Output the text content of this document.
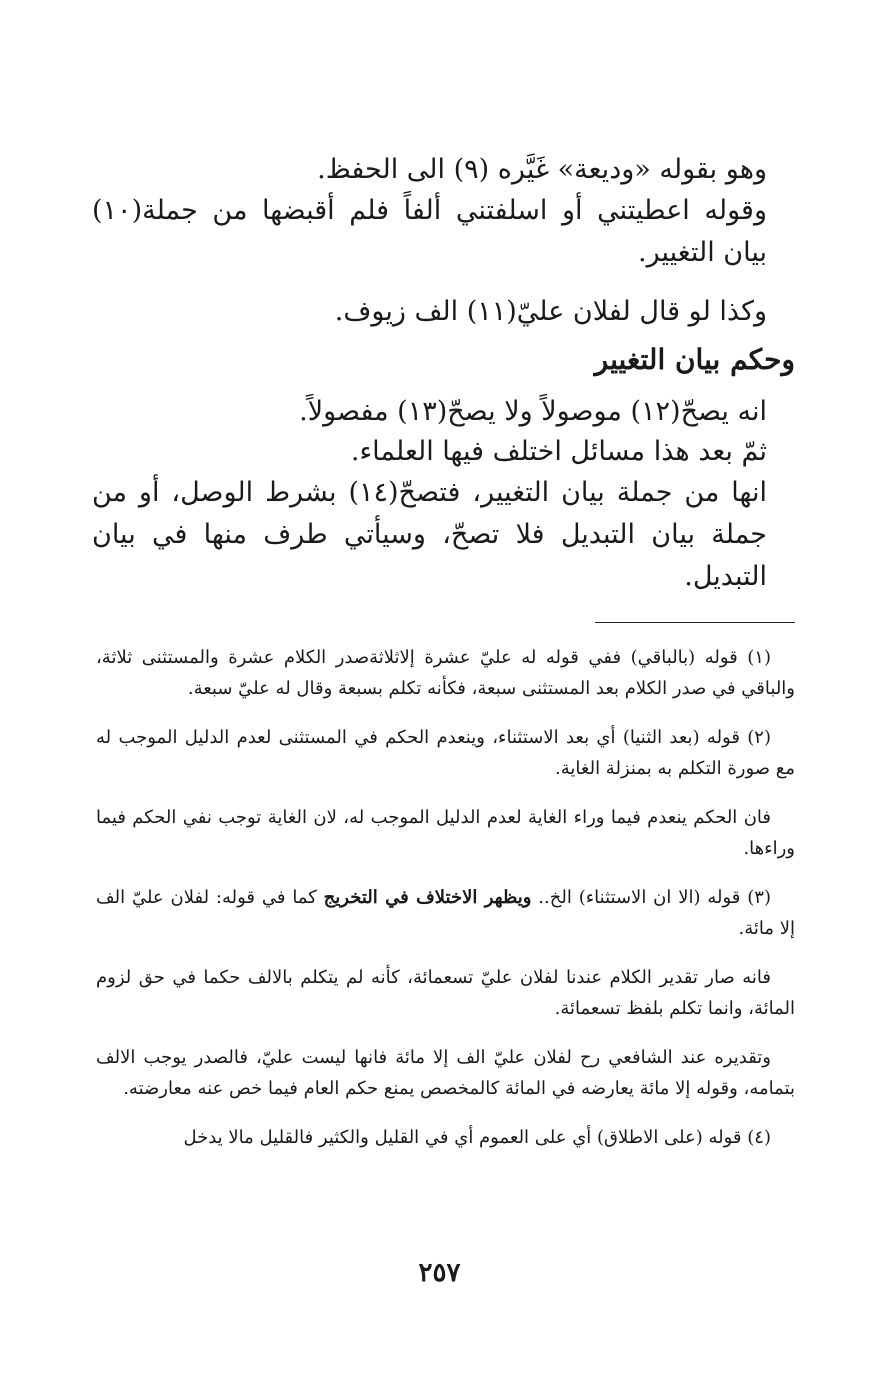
وهو بقوله «وديعة» غَيَّره (٩) الى الحفظ.

وقوله اعطيتني أو اسلفتني ألفاً فلم أقبضها من جملة(١٠) بيان التغيير.

وكذا لو قال لفلان عليّ(١١) الف زيوف.

وحكم بيان التغيير

انه يصحّ(١٢) موصولاً ولا يصحّ(١٣) مفصولاً.

ثمّ بعد هذا مسائل اختلف فيها العلماء.

انها من جملة بيان التغيير، فتصحّ(١٤) بشرط الوصل، أو من جملة بيان التبديل فلا تصحّ، وسيأتي طرف منها في بيان التبديل.

(١) قوله (بالباقي) ففي قوله له عليّ عشرة إلاثلاثةصدر الكلام عشرة والمستثنى ثلاثة، والباقي في صدر الكلام بعد المستثنى سبعة، فكأنه تكلم بسبعة وقال له عليّ سبعة.

(٢) قوله (بعد الثنيا) أي بعد الاستثناء، وينعدم الحكم في المستثنى لعدم الدليل الموجب له مع صورة التكلم به بمنزلة الغاية.

فان الحكم ينعدم فيما وراء الغاية لعدم الدليل الموجب له، لان الغاية توجب نفي الحكم فيما وراءها.

(٣) قوله (الا ان الاستثناء) الخ.. ويظهر الاختلاف في التخريج كما في قوله: لفلان عليّ الف إلا مائة.

فانه صار تقدير الكلام عندنا لفلان عليّ تسعمائة، كأنه لم يتكلم بالالف حكما في حق لزوم المائة، وانما تكلم بلفظ تسعمائة.

وتقديره عند الشافعي رح لفلان عليّ الف إلا مائة فانها ليست عليّ، فالصدر يوجب الالف بتمامه، وقوله إلا مائة يعارضه في المائة كالمخصص يمنع حكم العام فيما خص عنه معارضته.

(٤) قوله (على الاطلاق) أي على العموم أي في القليل والكثير فالقليل مالا يدخل

٢٥٧
